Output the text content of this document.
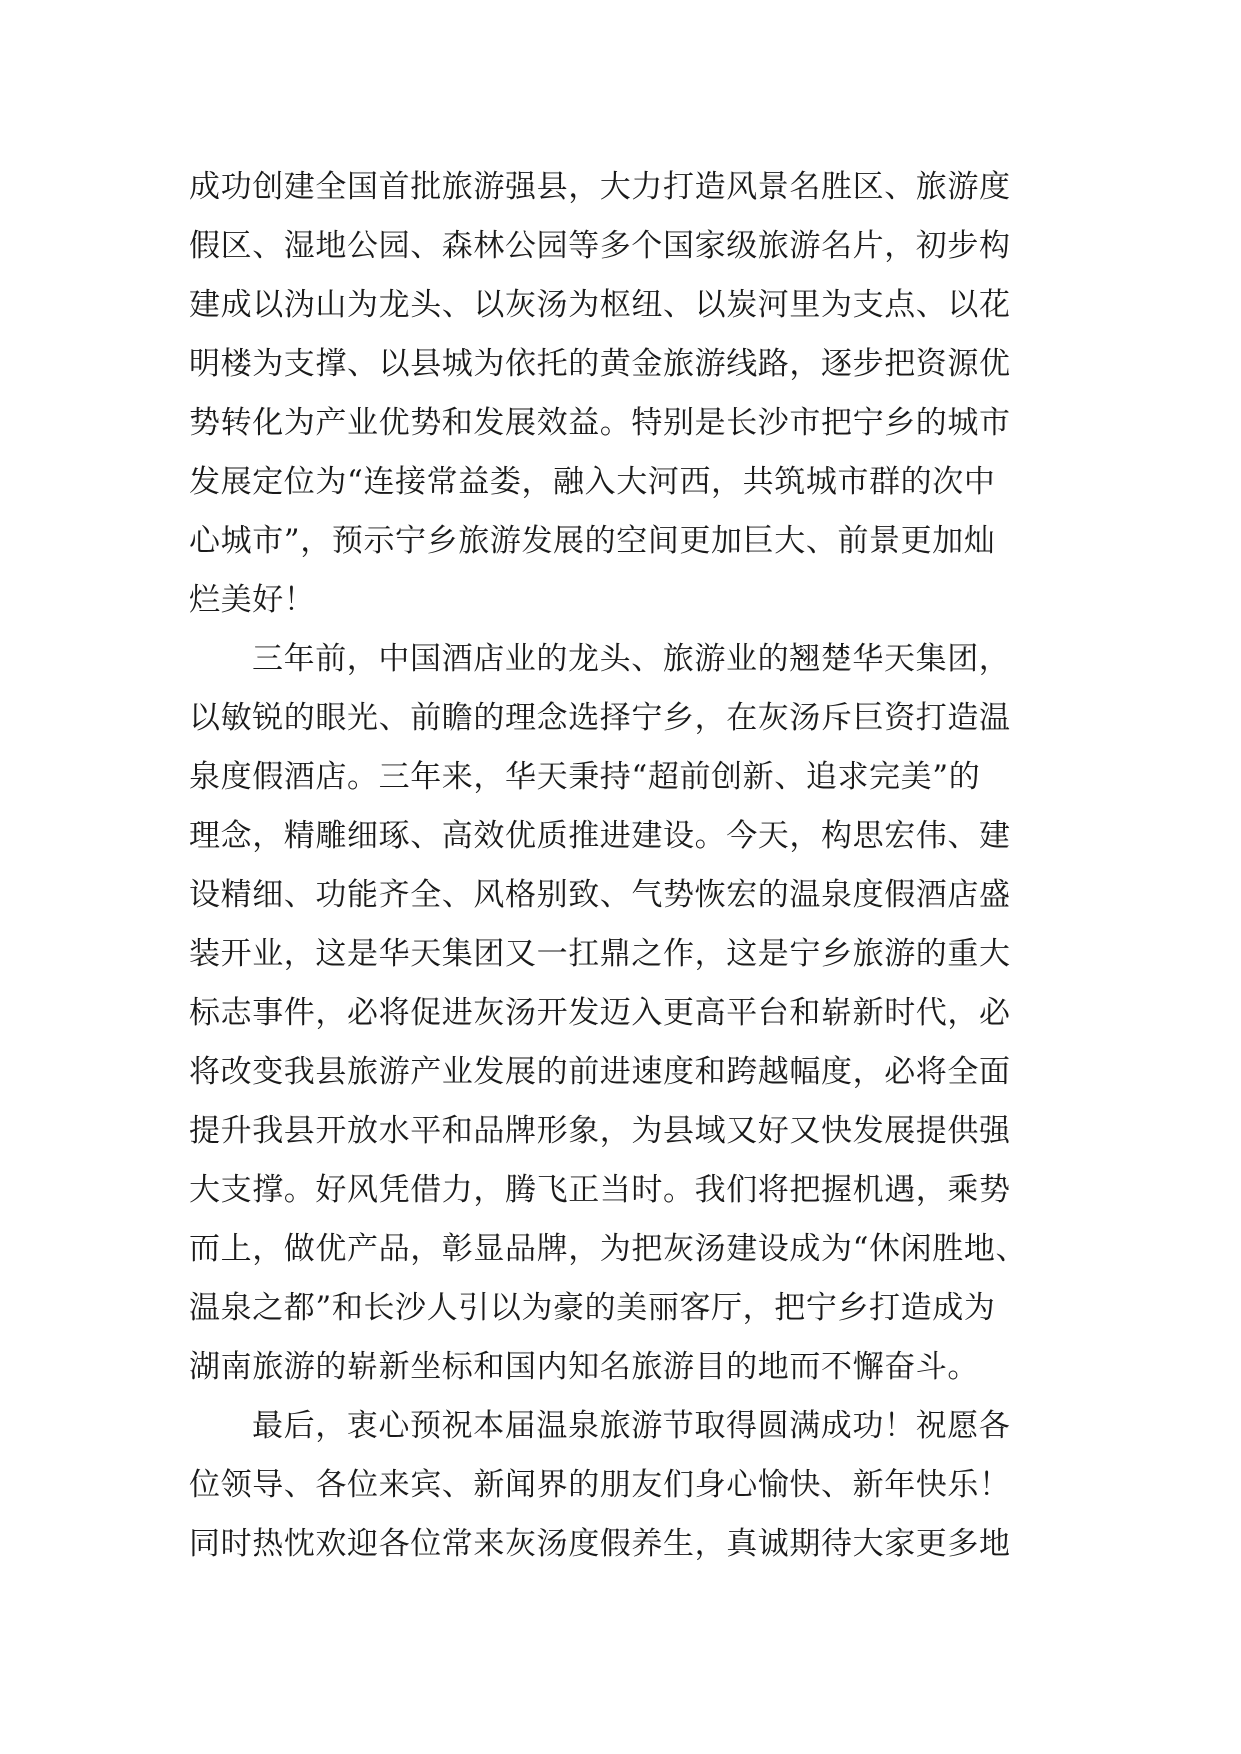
成功创建全国首批旅游强县，大力打造风景名胜区、旅游度
假区、湿地公园、森林公园等多个国家级旅游名片，初步构
建成以沩山为龙头、以灰汤为枢纽、以炭河里为支点、以花
明楼为支撑、以县城为依托的黄金旅游线路，逐步把资源优
势转化为产业优势和发展效益。特别是长沙市把宁乡的城市
发展定位为“连接常益娄，融入大河西，共筑城市群的次中
心城市”，预示宁乡旅游发展的空间更加巨大、前景更加灿
烂美好！
三年前，中国酒店业的龙头、旅游业的翘楚华天集团，
以敏锐的眼光、前瞻的理念选择宁乡，在灰汤斥巨资打造温
泉度假酒店。三年来，华天秉持“超前创新、追求完美”的
理念，精雕细琢、高效优质推进建设。今天，构思宏伟、建
设精细、功能齐全、风格别致、气势恢宏的温泉度假酒店盛
装开业，这是华天集团又一扛鼎之作，这是宁乡旅游的重大
标志事件，必将促进灰汤开发迈入更高平台和崭新时代，必
将改变我县旅游产业发展的前进速度和跨越幅度，必将全面
提升我县开放水平和品牌形象，为县域又好又快发展提供强
大支撑。好风凭借力，腾飞正当时。我们将把握机遇，乘势
而上，做优产品，彰显品牌，为把灰汤建设成为“休闲胜地、
温泉之都”和长沙人引以为豪的美丽客厅，把宁乡打造成为
湖南旅游的崭新坐标和国内知名旅游目的地而不懈奋斗。
最后，衷心预祝本届温泉旅游节取得圆满成功！祝愿各
位领导、各位来宾、新闻界的朋友们身心愉快、新年快乐！
同时热忱欢迎各位常来灰汤度假养生，真诚期待大家更多地
